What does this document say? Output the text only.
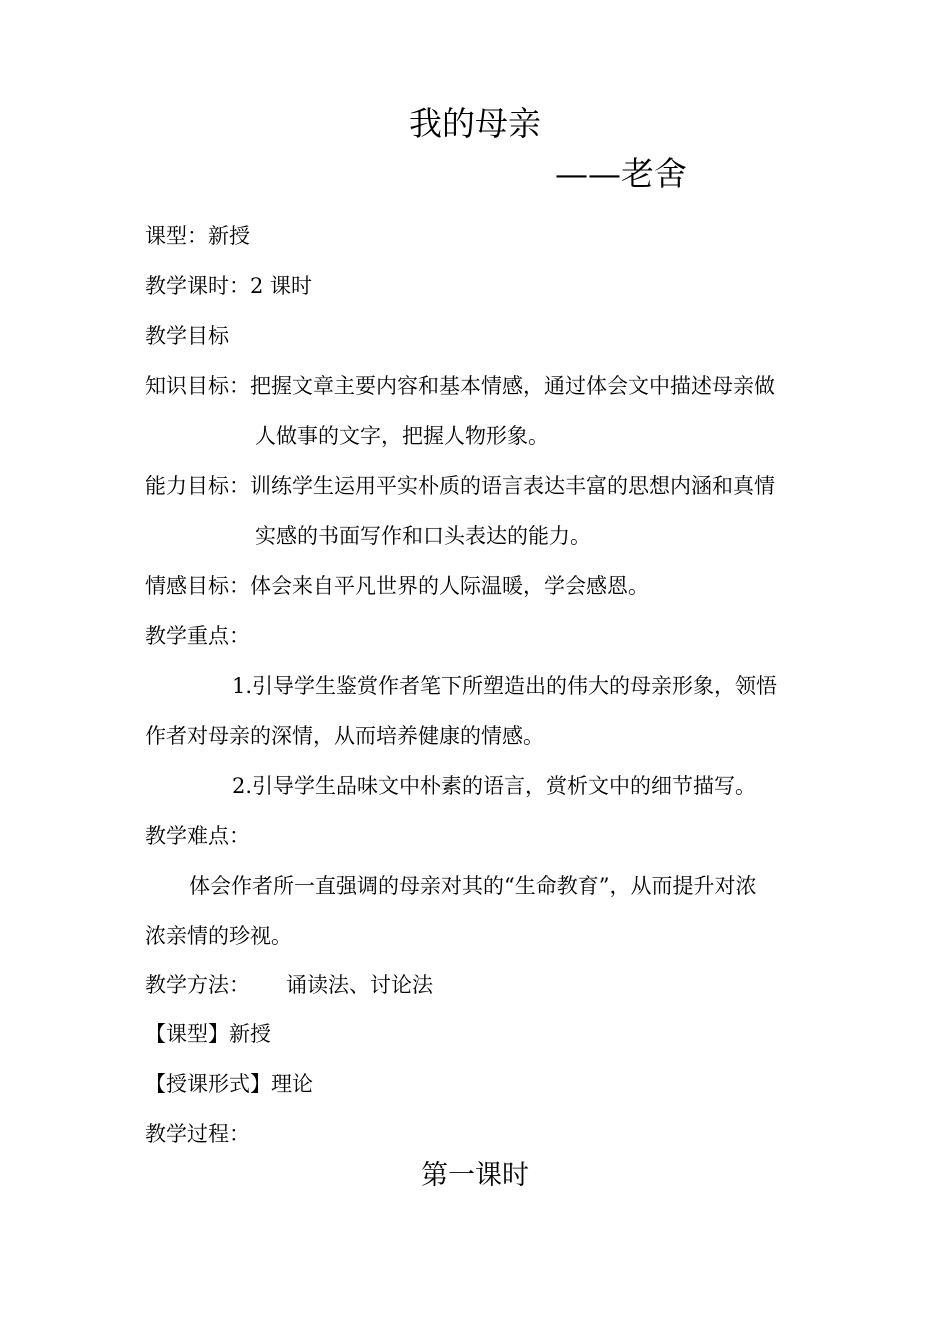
我的母亲
——老舍
课型：新授
教学课时：2 课时
教学目标
知识目标：把握文章主要内容和基本情感，通过体会文中描述母亲做
人做事的文字，把握人物形象。
能力目标：训练学生运用平实朴质的语言表达丰富的思想内涵和真情
实感的书面写作和口头表达的能力。
情感目标：体会来自平凡世界的人际温暖，学会感恩。
教学重点：
1.引导学生鉴赏作者笔下所塑造出的伟大的母亲形象，领悟
作者对母亲的深情，从而培养健康的情感。
2.引导学生品味文中朴素的语言，赏析文中的细节描写。
教学难点：
体会作者所一直强调的母亲对其的“生命教育”，从而提升对浓
浓亲情的珍视。
教学方法： 诵读法、讨论法
【课型】新授
【授课形式】理论
教学过程：
第一课时
